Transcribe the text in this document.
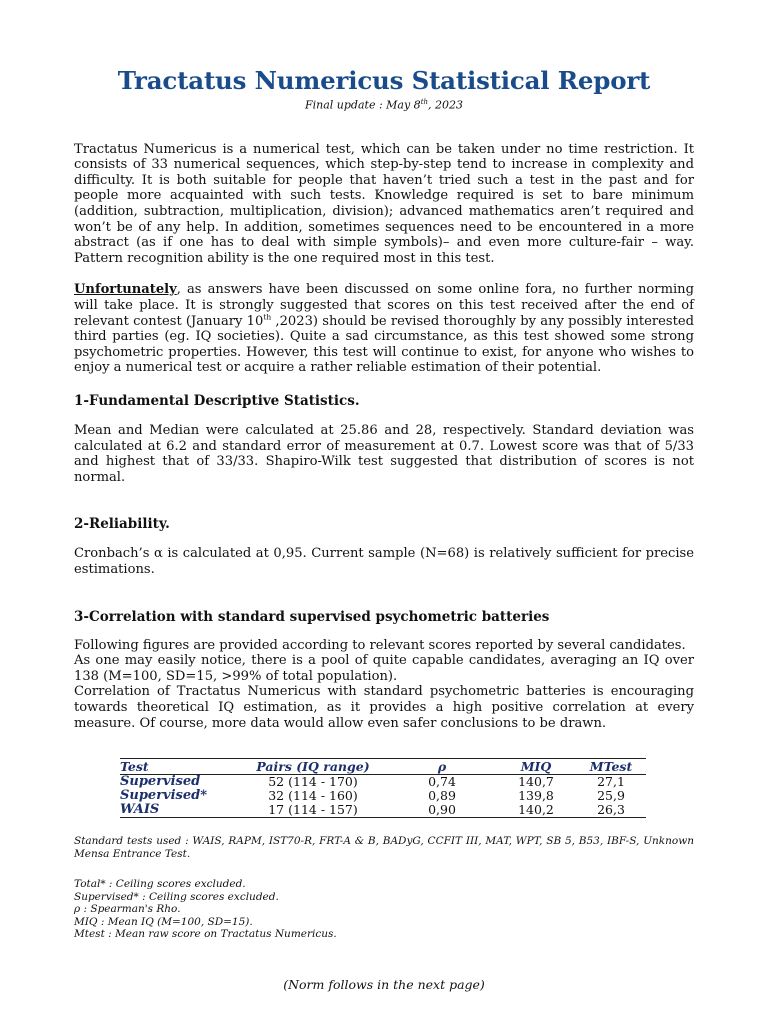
Tractatus Numericus Statistical Report
Final update : May 8th, 2023

Tractatus Numericus is a numerical test, which can be taken under no time restriction. It consists of 33 numerical sequences, which step-by-step tend to increase in complexity and difficulty. It is both suitable for people that haven’t tried such a test in the past and for people more acquainted with such tests. Knowledge required is set to bare minimum (addition, subtraction, multiplication, division); advanced mathematics aren’t required and won’t be of any help. In addition, sometimes sequences need to be encountered in a more abstract (as if one has to deal with simple symbols)– and even more culture-fair – way. Pattern recognition ability is the one required most in this test.

Unfortunately, as answers have been discussed on some online fora, no further norming will take place. It is strongly suggested that scores on this test received after the end of relevant contest (January 10th ,2023) should be revised thoroughly by any possibly interested third parties (eg. IQ societies). Quite a sad circumstance, as this test showed some strong psychometric properties. However, this test will continue to exist, for anyone who wishes to enjoy a numerical test or acquire a rather reliable estimation of their potential.

1-Fundamental Descriptive Statistics.

Mean and Median were calculated at 25.86 and 28, respectively. Standard deviation was calculated at 6.2 and standard error of measurement at 0.7. Lowest score was that of 5/33 and highest that of 33/33. Shapiro-Wilk test suggested that distribution of scores is not normal.

2-Reliability.

Cronbach’s α is calculated at 0,95. Current sample (N=68) is relatively sufficient for precise estimations.

3-Correlation with standard supervised psychometric batteries

Following figures are provided according to relevant scores reported by several candidates.

As one may easily notice, there is a pool of quite capable candidates, averaging an IQ over 138 (M=100, SD=15, >99% of total population).

Correlation of Tractatus Numericus with standard psychometric batteries is encouraging towards theoretical IQ estimation, as it provides a high positive correlation at every measure. Of course, more data would allow even safer conclusions to be drawn.

Test	Pairs (IQ range)	ρ	MIQ	MTest
Supervised	52 (114 - 170)	0,74	140,7	27,1
Supervised*	32 (114 - 160)	0,89	139,8	25,9
WAIS	17 (114 - 157)	0,90	140,2	26,3

Standard tests used : WAIS, RAPM, IST70-R, FRT-A & B, BADyG, CCFIT III, MAT, WPT, SB 5, B53, IBF-S, Unknown Mensa Entrance Test.

Total* : Ceiling scores excluded.
Supervised* : Ceiling scores excluded.
ρ : Spearman's Rho.
MIQ : Mean IQ (M=100, SD=15).
Mtest : Mean raw score on Tractatus Numericus.
(Norm follows in the next page)
